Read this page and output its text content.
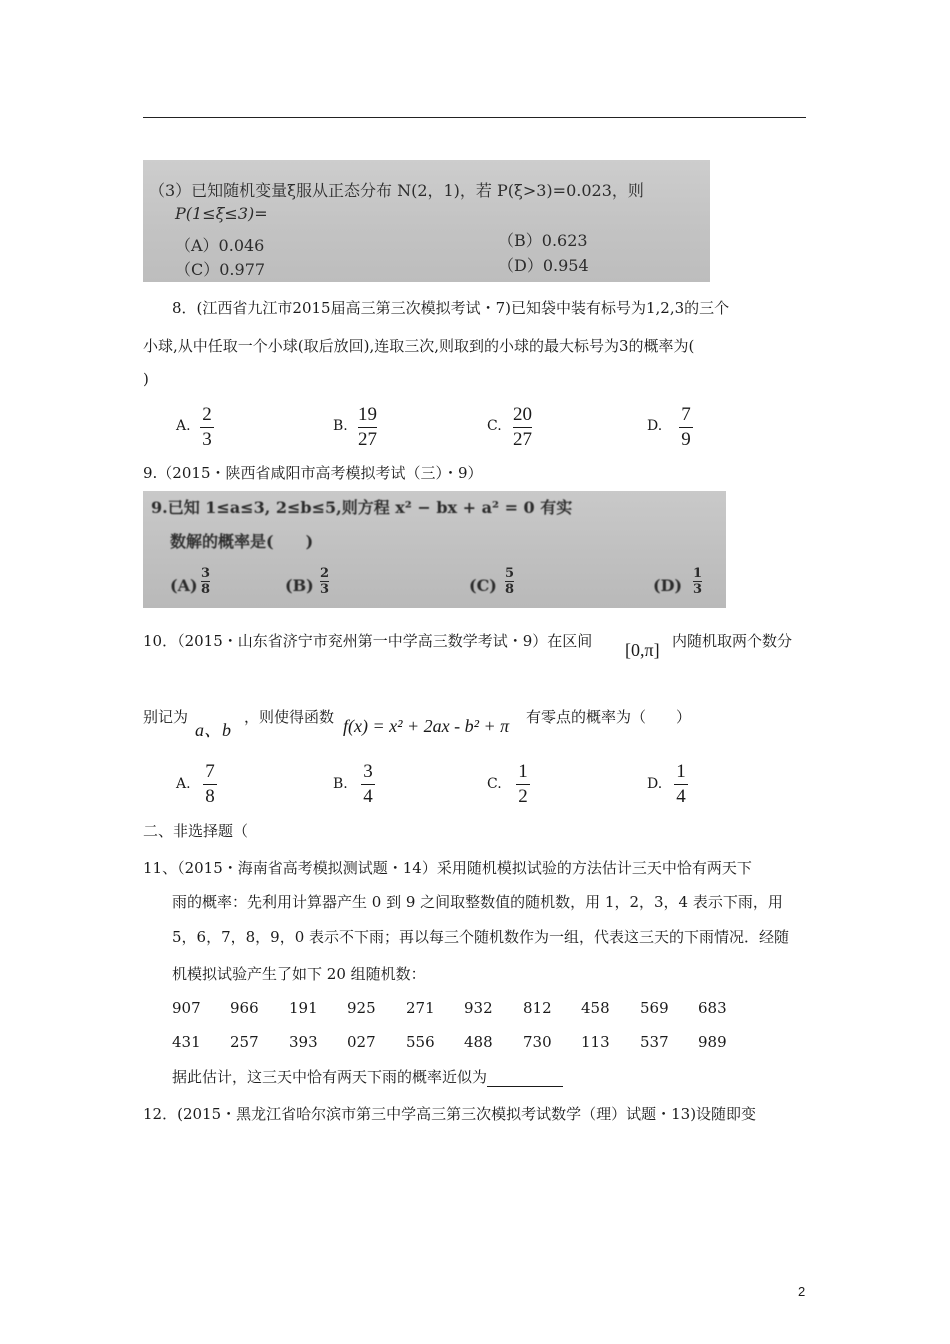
（3）已知随机变量ξ服从正态分布 N(2，1)，若 P(ξ>3)=0.023，则
P(1≤ξ≤3)=
（A）0.046	（B）0.623
（C）0.977	（D）0.954
8．(江西省九江市2015届高三第三次模拟考试・7)已知袋中装有标号为1,2,3的三个
小球,从中任取一个小球(取后放回),连取三次,则取到的小球的最大标号为3的概率为(
)
A.
2
3
B.
19
27
C.
20
27
D.
7
9
9.（2015・陕西省咸阳市高考模拟考试（三）・9）
9.已知 1≤a≤3, 2≤b≤5,则方程 x² − bx + a² = 0 有实
数解的概率是(　　)
(A)
3
8	(B)
2
3	(C)
5
8	(D)
1
3
10．（2015・山东省济宁市兖州第一中学高三数学考试・9）在区间 [0,π] 内随机取两个数分
别记为
a、b
，则使得函数 f(x) = x² + 2ax - b² + π 有零点的概率为（　　）
A.
7
8
B.
3
4
C.
1
2
D.
1
4
二、非选择题（
11、（2015・海南省高考模拟测试题・14）采用随机模拟试验的方法估计三天中恰有两天下
雨的概率：先利用计算器产生 0 到 9 之间取整数值的随机数，用 1，2，3，4 表示下雨，用
5，6，7，8，9，0 表示不下雨；再以每三个随机数作为一组，代表这三天的下雨情况．经随
机模拟试验产生了如下 20 组随机数：
907 966 191 925 271 932 812 458 569 683
431 257 393 027 556 488 730 113 537 989
据此估计，这三天中恰有两天下雨的概率近似为
12．(2015・黑龙江省哈尔滨市第三中学高三第三次模拟考试数学（理）试题・13)设随即变
2
